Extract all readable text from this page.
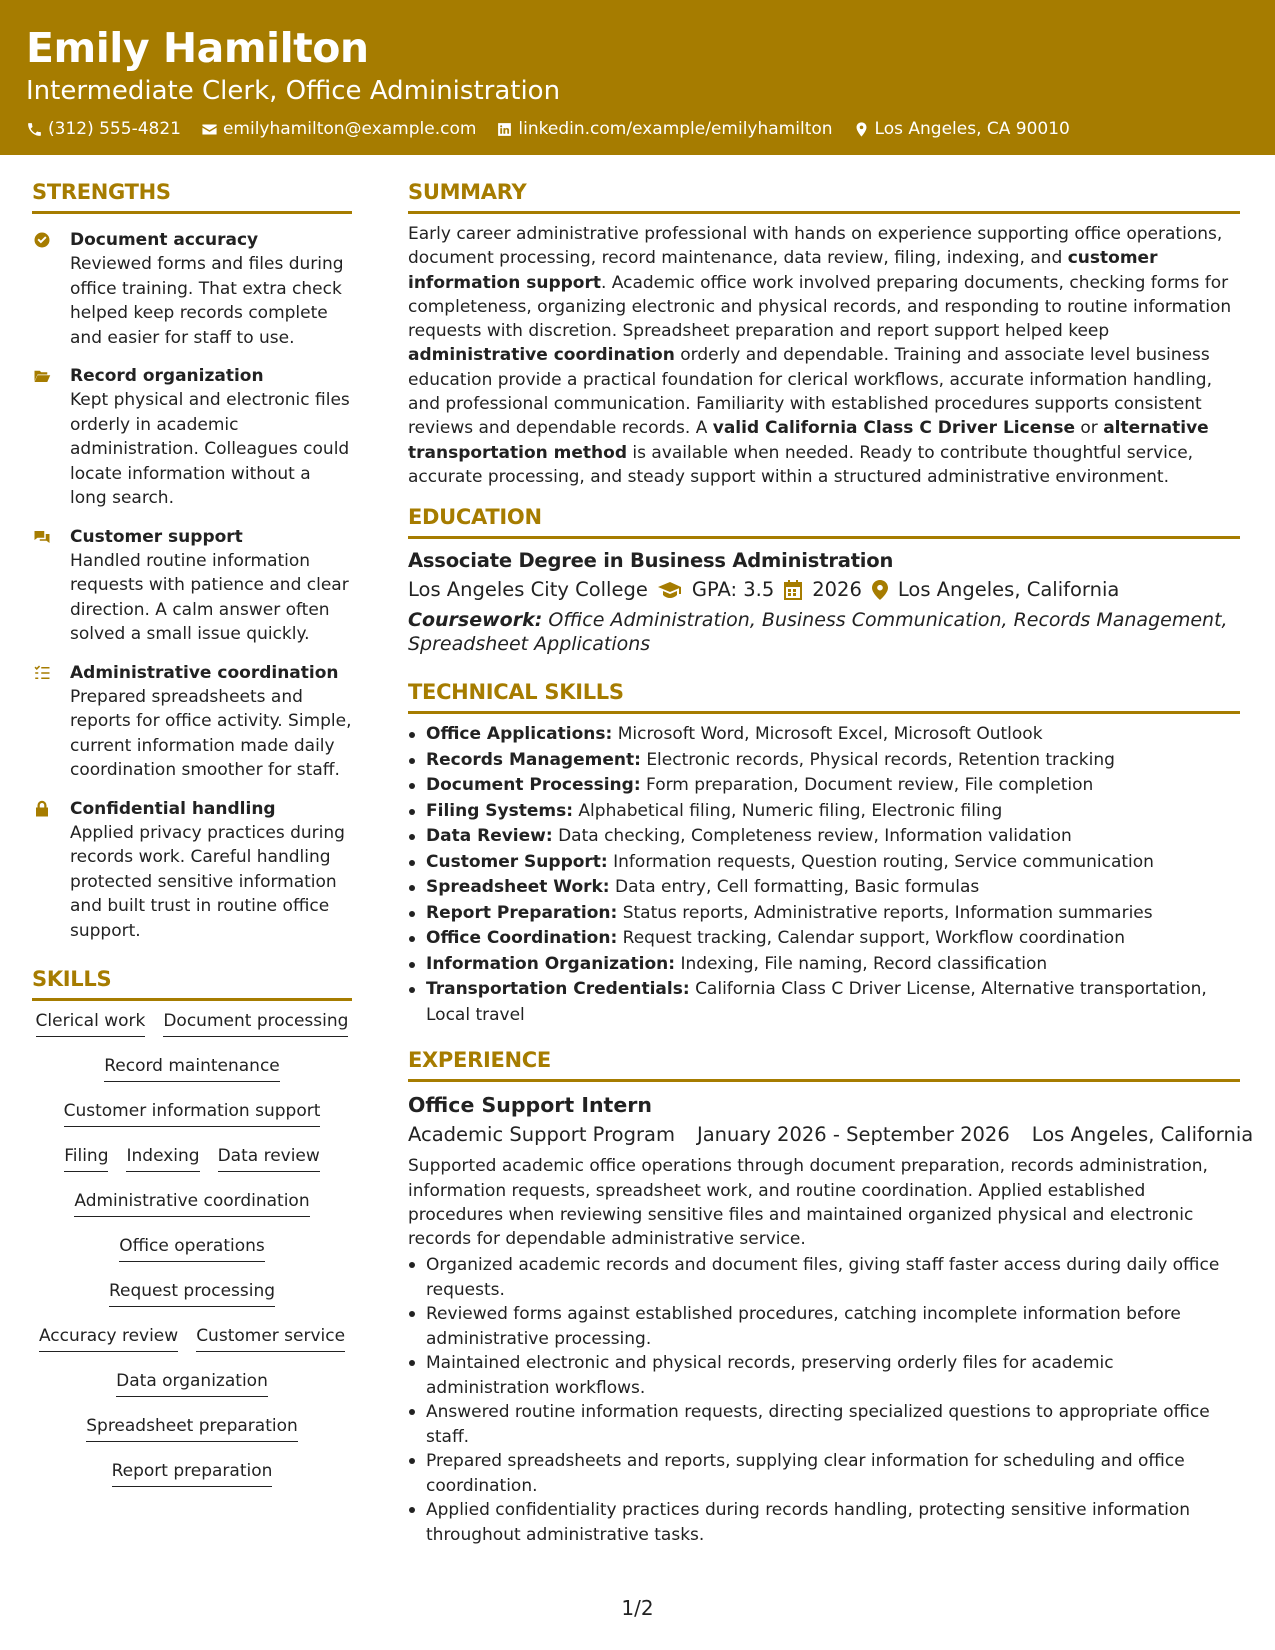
Emily Hamilton
Intermediate Clerk, Office Administration
(312) 555-4821 emilyhamilton@example.com linkedin.com/example/emilyhamilton Los Angeles, CA 90010
STRENGTHS
Document accuracy
Reviewed forms and files during office training. That extra check helped keep records complete and easier for staff to use.
Record organization
Kept physical and electronic files orderly in academic administration. Colleagues could locate information without a long search.
Customer support
Handled routine information requests with patience and clear direction. A calm answer often solved a small issue quickly.
Administrative coordination
Prepared spreadsheets and reports for office activity. Simple, current information made daily coordination smoother for staff.
Confidential handling
Applied privacy practices during records work. Careful handling protected sensitive information and built trust in routine office support.
SKILLS
Clerical work Document processing
Record maintenance
Customer information support
Filing Indexing Data review
Administrative coordination
Office operations
Request processing
Accuracy review Customer service
Data organization
Spreadsheet preparation
Report preparation
SUMMARY
Early career administrative professional with hands on experience supporting office operations, document processing, record maintenance, data review, filing, indexing, and customer information support. Academic office work involved preparing documents, checking forms for completeness, organizing electronic and physical records, and responding to routine information requests with discretion. Spreadsheet preparation and report support helped keep administrative coordination orderly and dependable. Training and associate level business education provide a practical foundation for clerical workflows, accurate information handling, and professional communication. Familiarity with established procedures supports consistent reviews and dependable records. A valid California Class C Driver License or alternative transportation method is available when needed. Ready to contribute thoughtful service, accurate processing, and steady support within a structured administrative environment.
EDUCATION
Associate Degree in Business Administration
Los Angeles City College GPA: 3.5 2026 Los Angeles, California
Coursework: Office Administration, Business Communication, Records Management, Spreadsheet Applications
TECHNICAL SKILLS
Office Applications: Microsoft Word, Microsoft Excel, Microsoft Outlook
Records Management: Electronic records, Physical records, Retention tracking
Document Processing: Form preparation, Document review, File completion
Filing Systems: Alphabetical filing, Numeric filing, Electronic filing
Data Review: Data checking, Completeness review, Information validation
Customer Support: Information requests, Question routing, Service communication
Spreadsheet Work: Data entry, Cell formatting, Basic formulas
Report Preparation: Status reports, Administrative reports, Information summaries
Office Coordination: Request tracking, Calendar support, Workflow coordination
Information Organization: Indexing, File naming, Record classification
Transportation Credentials: California Class C Driver License, Alternative transportation, Local travel
EXPERIENCE
Office Support Intern
Academic Support Program January 2026 - September 2026 Los Angeles, California
Supported academic office operations through document preparation, records administration, information requests, spreadsheet work, and routine coordination. Applied established procedures when reviewing sensitive files and maintained organized physical and electronic records for dependable administrative service.
Organized academic records and document files, giving staff faster access during daily office requests.
Reviewed forms against established procedures, catching incomplete information before administrative processing.
Maintained electronic and physical records, preserving orderly files for academic administration workflows.
Answered routine information requests, directing specialized questions to appropriate office staff.
Prepared spreadsheets and reports, supplying clear information for scheduling and office coordination.
Applied confidentiality practices during records handling, protecting sensitive information throughout administrative tasks.
1/2
